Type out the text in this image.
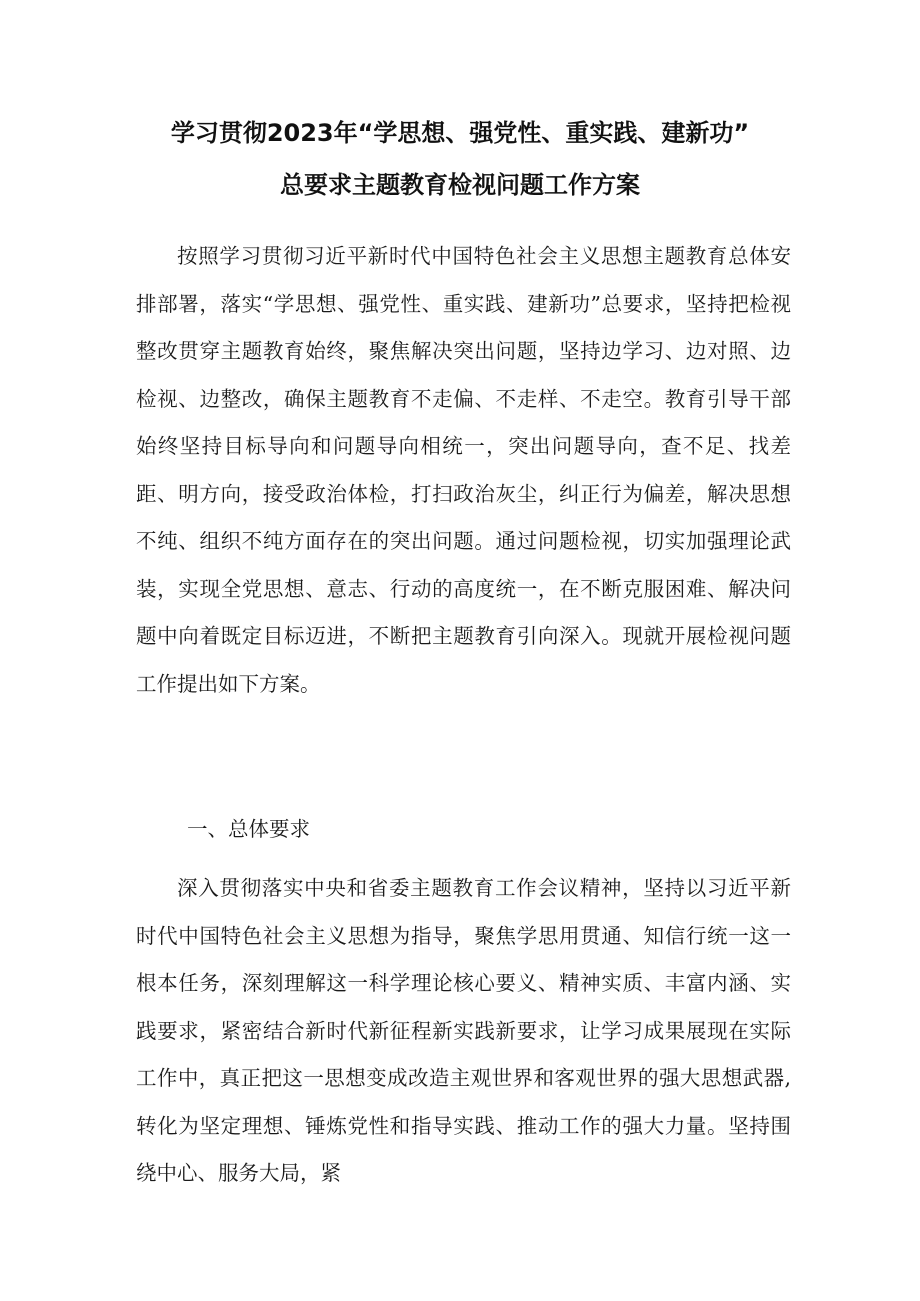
学习贯彻2023年“学思想、强党性、重实践、建新功”
总要求主题教育检视问题工作方案

按照学习贯彻习近平新时代中国特色社会主义思想主题教育总体安排部署，落实“学思想、强党性、重实践、建新功”总要求，坚持把检视整改贯穿主题教育始终，聚焦解决突出问题，坚持边学习、边对照、边检视、边整改，确保主题教育不走偏、不走样、不走空。教育引导干部始终坚持目标导向和问题导向相统一，突出问题导向，查不足、找差距、明方向，接受政治体检，打扫政治灰尘，纠正行为偏差，解决思想不纯、组织不纯方面存在的突出问题。通过问题检视，切实加强理论武装，实现全党思想、意志、行动的高度统一，在不断克服困难、解决问题中向着既定目标迈进，不断把主题教育引向深入。现就开展检视问题工作提出如下方案。

一、总体要求

深入贯彻落实中央和省委主题教育工作会议精神，坚持以习近平新时代中国特色社会主义思想为指导，聚焦学思用贯通、知信行统一这一根本任务，深刻理解这一科学理论核心要义、精神实质、丰富内涵、实践要求，紧密结合新时代新征程新实践新要求，让学习成果展现在实际工作中，真正把这一思想变成改造主观世界和客观世界的强大思想武器,转化为坚定理想、锤炼党性和指导实践、推动工作的强大力量。坚持围绕中心、服务大局，紧
